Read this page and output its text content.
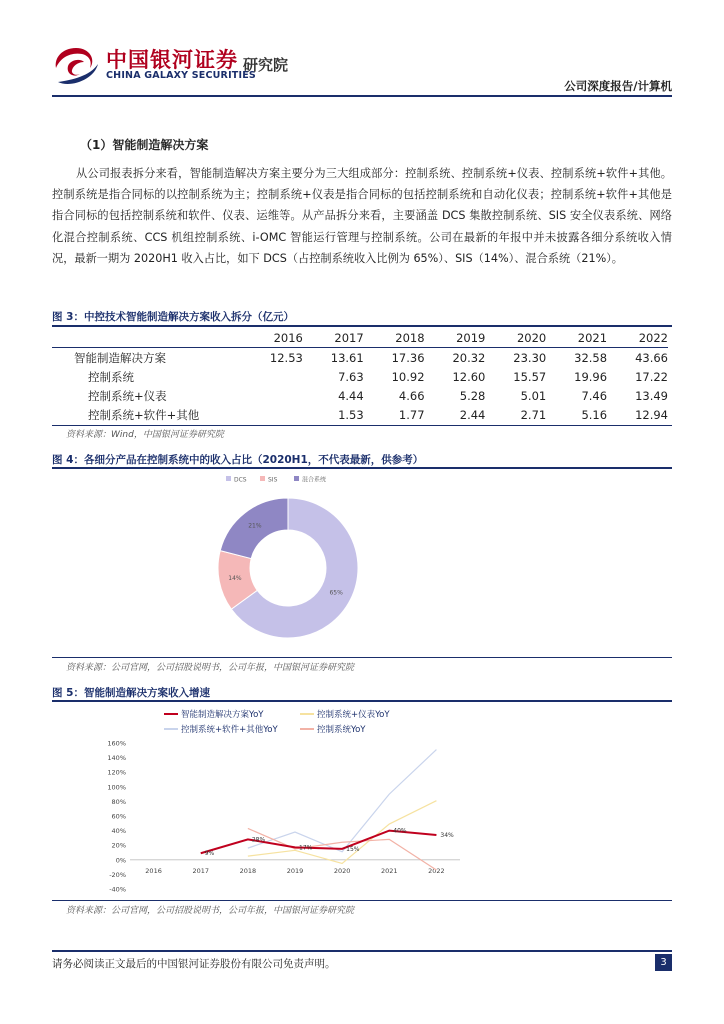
中国银河证券
CHINA GALAXY SECURITIES
研究院
公司深度报告/计算机
（1）智能制造解决方案
从公司报表拆分来看，智能制造解决方案主要分为三大组成部分：控制系统、控制系统+仪表、控制系统+软件+其他。控制系统是指合同标的以控制系统为主；控制系统+仪表是指合同标的包括控制系统和自动化仪表；控制系统+软件+其他是指合同标的包括控制系统和软件、仪表、运维等。从产品拆分来看，主要涵盖 DCS 集散控制系统、SIS 安全仪表系统、网络化混合控制系统、CCS 机组控制系统、i-OMC 智能运行管理与控制系统。公司在最新的年报中并未披露各细分系统收入情况，最新一期为 2020H1 收入占比，如下 DCS（占控制系统收入比例为 65%）、SIS（14%）、混合系统（21%）。
图 3：中控技术智能制造解决方案收入拆分（亿元）
	2016	2017	2018	2019	2020	2021	2022
智能制造解决方案	12.53	13.61	17.36	20.32	23.30	32.58	43.66
控制系统		7.63	10.92	12.60	15.57	19.96	17.22
控制系统+仪表		4.44	4.66	5.28	5.01	7.46	13.49
控制系统+软件+其他		1.53	1.77	2.44	2.71	5.16	12.94
资料来源：Wind，中国银河证券研究院
图 4：各细分产品在控制系统中的收入占比（2020H1，不代表最新，供参考）
DCS	SIS	混合系统
65%
14%
21%
资料来源：公司官网，公司招股说明书，公司年报，中国银河证券研究院
图 5：智能制造解决方案收入增速
智能制造解决方案YoY	控制系统+仪表YoY
控制系统+软件+其他YoY	控制系统YoY
160%
140%
120%
100%
80%
60%
40%
20%
0%
-20%
-40%
2016	2017	2018	2019	2020	2021	2022
9%
28%
17%	15%
40%
34%
资料来源：公司官网，公司招股说明书，公司年报，中国银河证券研究院
请务必阅读正文最后的中国银河证券股份有限公司免责声明。	3
